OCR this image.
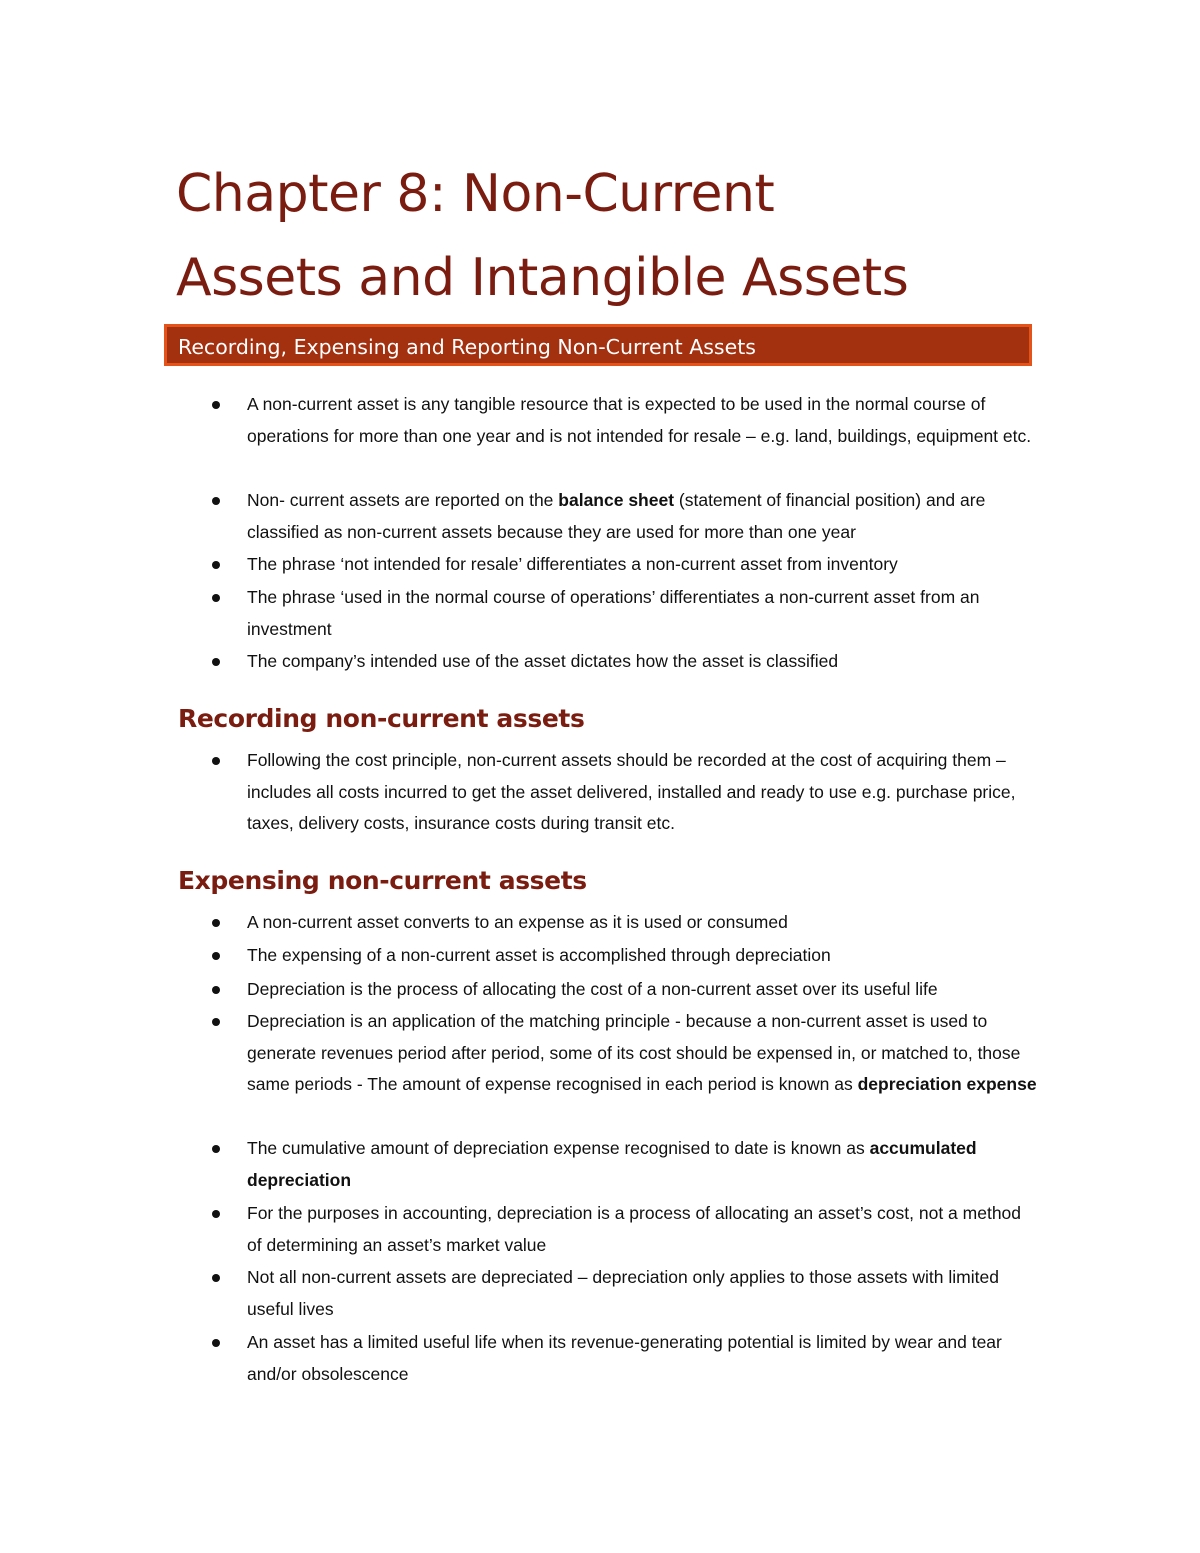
Chapter 8: Non-Current
Assets and Intangible Assets
Recording, Expensing and Reporting Non-Current Assets
A non-current asset is any tangible resource that is expected to be used in the normal course of operations for more than one year and is not intended for resale – e.g. land, buildings, equipment etc.
Non- current assets are reported on the balance sheet (statement of financial position) and are classified as non-current assets because they are used for more than one year
The phrase ‘not intended for resale’ differentiates a non-current asset from inventory
The phrase ‘used in the normal course of operations’ differentiates a non-current asset from an investment
The company’s intended use of the asset dictates how the asset is classified
Recording non-current assets
Following the cost principle, non-current assets should be recorded at the cost of acquiring them – includes all costs incurred to get the asset delivered, installed and ready to use e.g. purchase price, taxes, delivery costs, insurance costs during transit etc.
Expensing non-current assets
A non-current asset converts to an expense as it is used or consumed
The expensing of a non-current asset is accomplished through depreciation
Depreciation is the process of allocating the cost of a non-current asset over its useful life
Depreciation is an application of the matching principle - because a non-current asset is used to generate revenues period after period, some of its cost should be expensed in, or matched to, those same periods - The amount of expense recognised in each period is known as depreciation expense
The cumulative amount of depreciation expense recognised to date is known as accumulated depreciation
For the purposes in accounting, depreciation is a process of allocating an asset’s cost, not a method of determining an asset’s market value
Not all non-current assets are depreciated – depreciation only applies to those assets with limited useful lives
An asset has a limited useful life when its revenue-generating potential is limited by wear and tear and/or obsolescence
